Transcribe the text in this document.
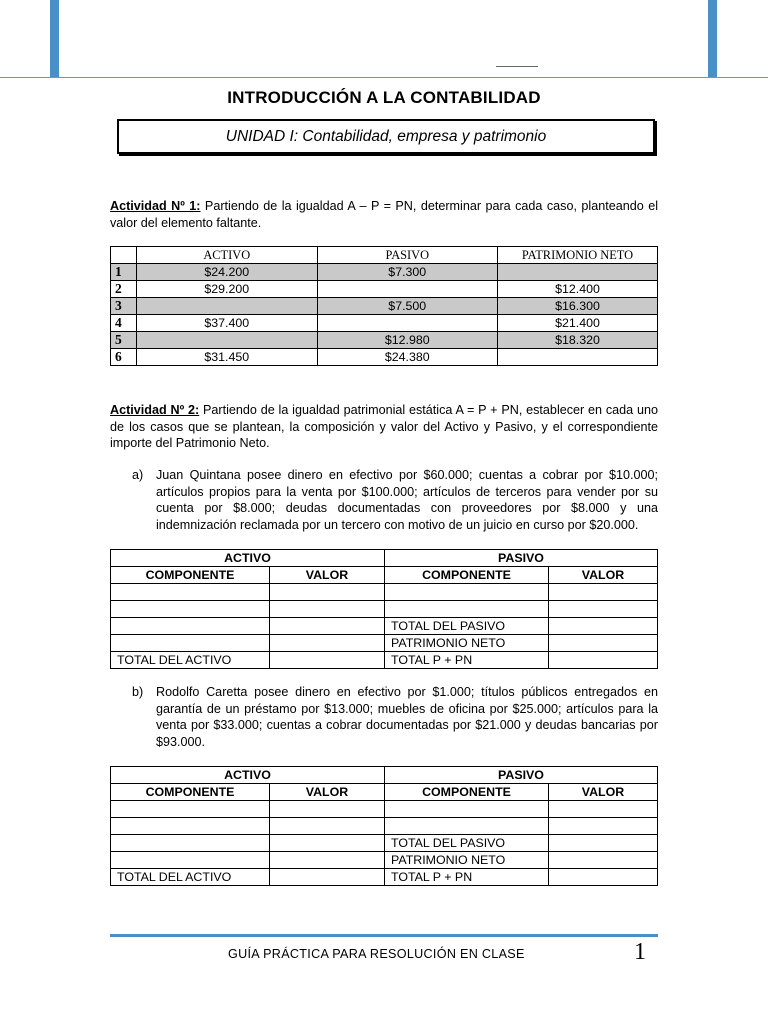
INTRODUCCIÓN A LA CONTABILIDAD
UNIDAD I: Contabilidad, empresa y patrimonio

Actividad Nº 1: Partiendo de la igualdad A – P = PN, determinar para cada caso, planteando el valor del elemento faltante.

	ACTIVO	PASIVO	PATRIMONIO NETO
1	$24.200	$7.300	
2	$29.200		$12.400
3		$7.500	$16.300
4	$37.400		$21.400
5		$12.980	$18.320
6	$31.450	$24.380	

Actividad Nº 2: Partiendo de la igualdad patrimonial estática A = P + PN, establecer en cada uno de los casos que se plantean, la composición y valor del Activo y Pasivo, y el correspondiente importe del Patrimonio Neto.

a) Juan Quintana posee dinero en efectivo por $60.000; cuentas a cobrar por $10.000; artículos propios para la venta por $100.000; artículos de terceros para vender por su cuenta por $8.000; deudas documentadas con proveedores por $8.000 y una indemnización reclamada por un tercero con motivo de un juicio en curso por $20.000.
ACTIVO		PASIVO	
COMPONENTE	VALOR	COMPONENTE	VALOR

		TOTAL DEL PASIVO	
		PATRIMONIO NETO	
TOTAL DEL ACTIVO		TOTAL P + PN	
b) Rodolfo Caretta posee dinero en efectivo por $1.000; títulos públicos entregados en garantía de un préstamo por $13.000; muebles de oficina por $25.000; artículos para la venta por $33.000; cuentas a cobrar documentadas por $21.000 y deudas bancarias por $93.000.
ACTIVO		PASIVO	
COMPONENTE	VALOR	COMPONENTE	VALOR

		TOTAL DEL PASIVO	
		PATRIMONIO NETO	
TOTAL DEL ACTIVO		TOTAL P + PN	
GUÍA PRÁCTICA PARA RESOLUCIÓN EN CLASE	1
